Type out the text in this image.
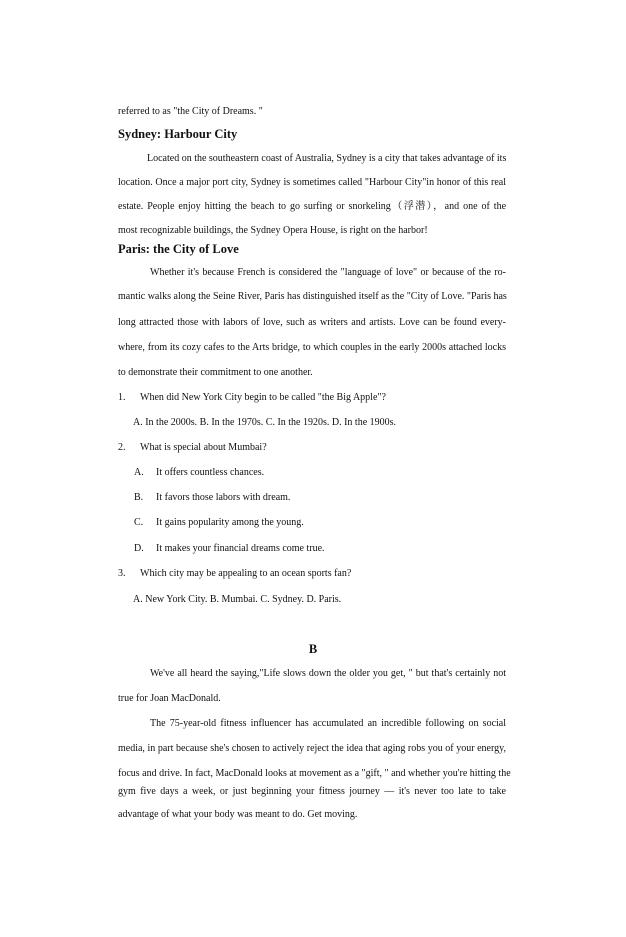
referred to as "the City of Dreams. "
Sydney: Harbour City
Located on the southeastern coast of Australia, Sydney is a city that takes advantage of its
location. Once a major port city, Sydney is sometimes called "Harbour City"in honor of this real
estate. People enjoy hitting the beach to go surfing or snorkeling（浮潜），and one of the
most recognizable buildings, the Sydney Opera House, is right on the harbor!
Paris: the City of Love
Whether it's because French is considered the "language of love" or because of the ro-
mantic walks along the Seine River, Paris has distinguished itself as the "City of Love. "Paris has
long attracted those with labors of love, such as writers and artists. Love can be found every-
where, from its cozy cafes to the Arts bridge, to which couples in the early 2000s attached locks
to demonstrate their commitment to one another.
1.	When did New York City begin to be called "the Big Apple"?
A. In the 2000s. B. In the 1970s. C. In the 1920s. D. In the 1900s.
2.	What is special about Mumbai?
A.	It offers countless chances.
B.	It favors those labors with dream.
C.	It gains popularity among the young.
D.	It makes your financial dreams come true.
3.	Which city may be appealing to an ocean sports fan?
A. New York City. B. Mumbai. C. Sydney. D. Paris.
B
We've all heard the saying,"Life slows down the older you get, " but that's certainly not
true for Joan MacDonald.
The 75-year-old fitness influencer has accumulated an incredible following on social
media, in part because she's chosen to actively reject the idea that aging robs you of your energy,
focus and drive. In fact, MacDonald looks at movement as a "gift, " and whether you're hitting the
gym five days a week, or just beginning your fitness journey — it's never too late to take
advantage of what your body was meant to do. Get moving.
